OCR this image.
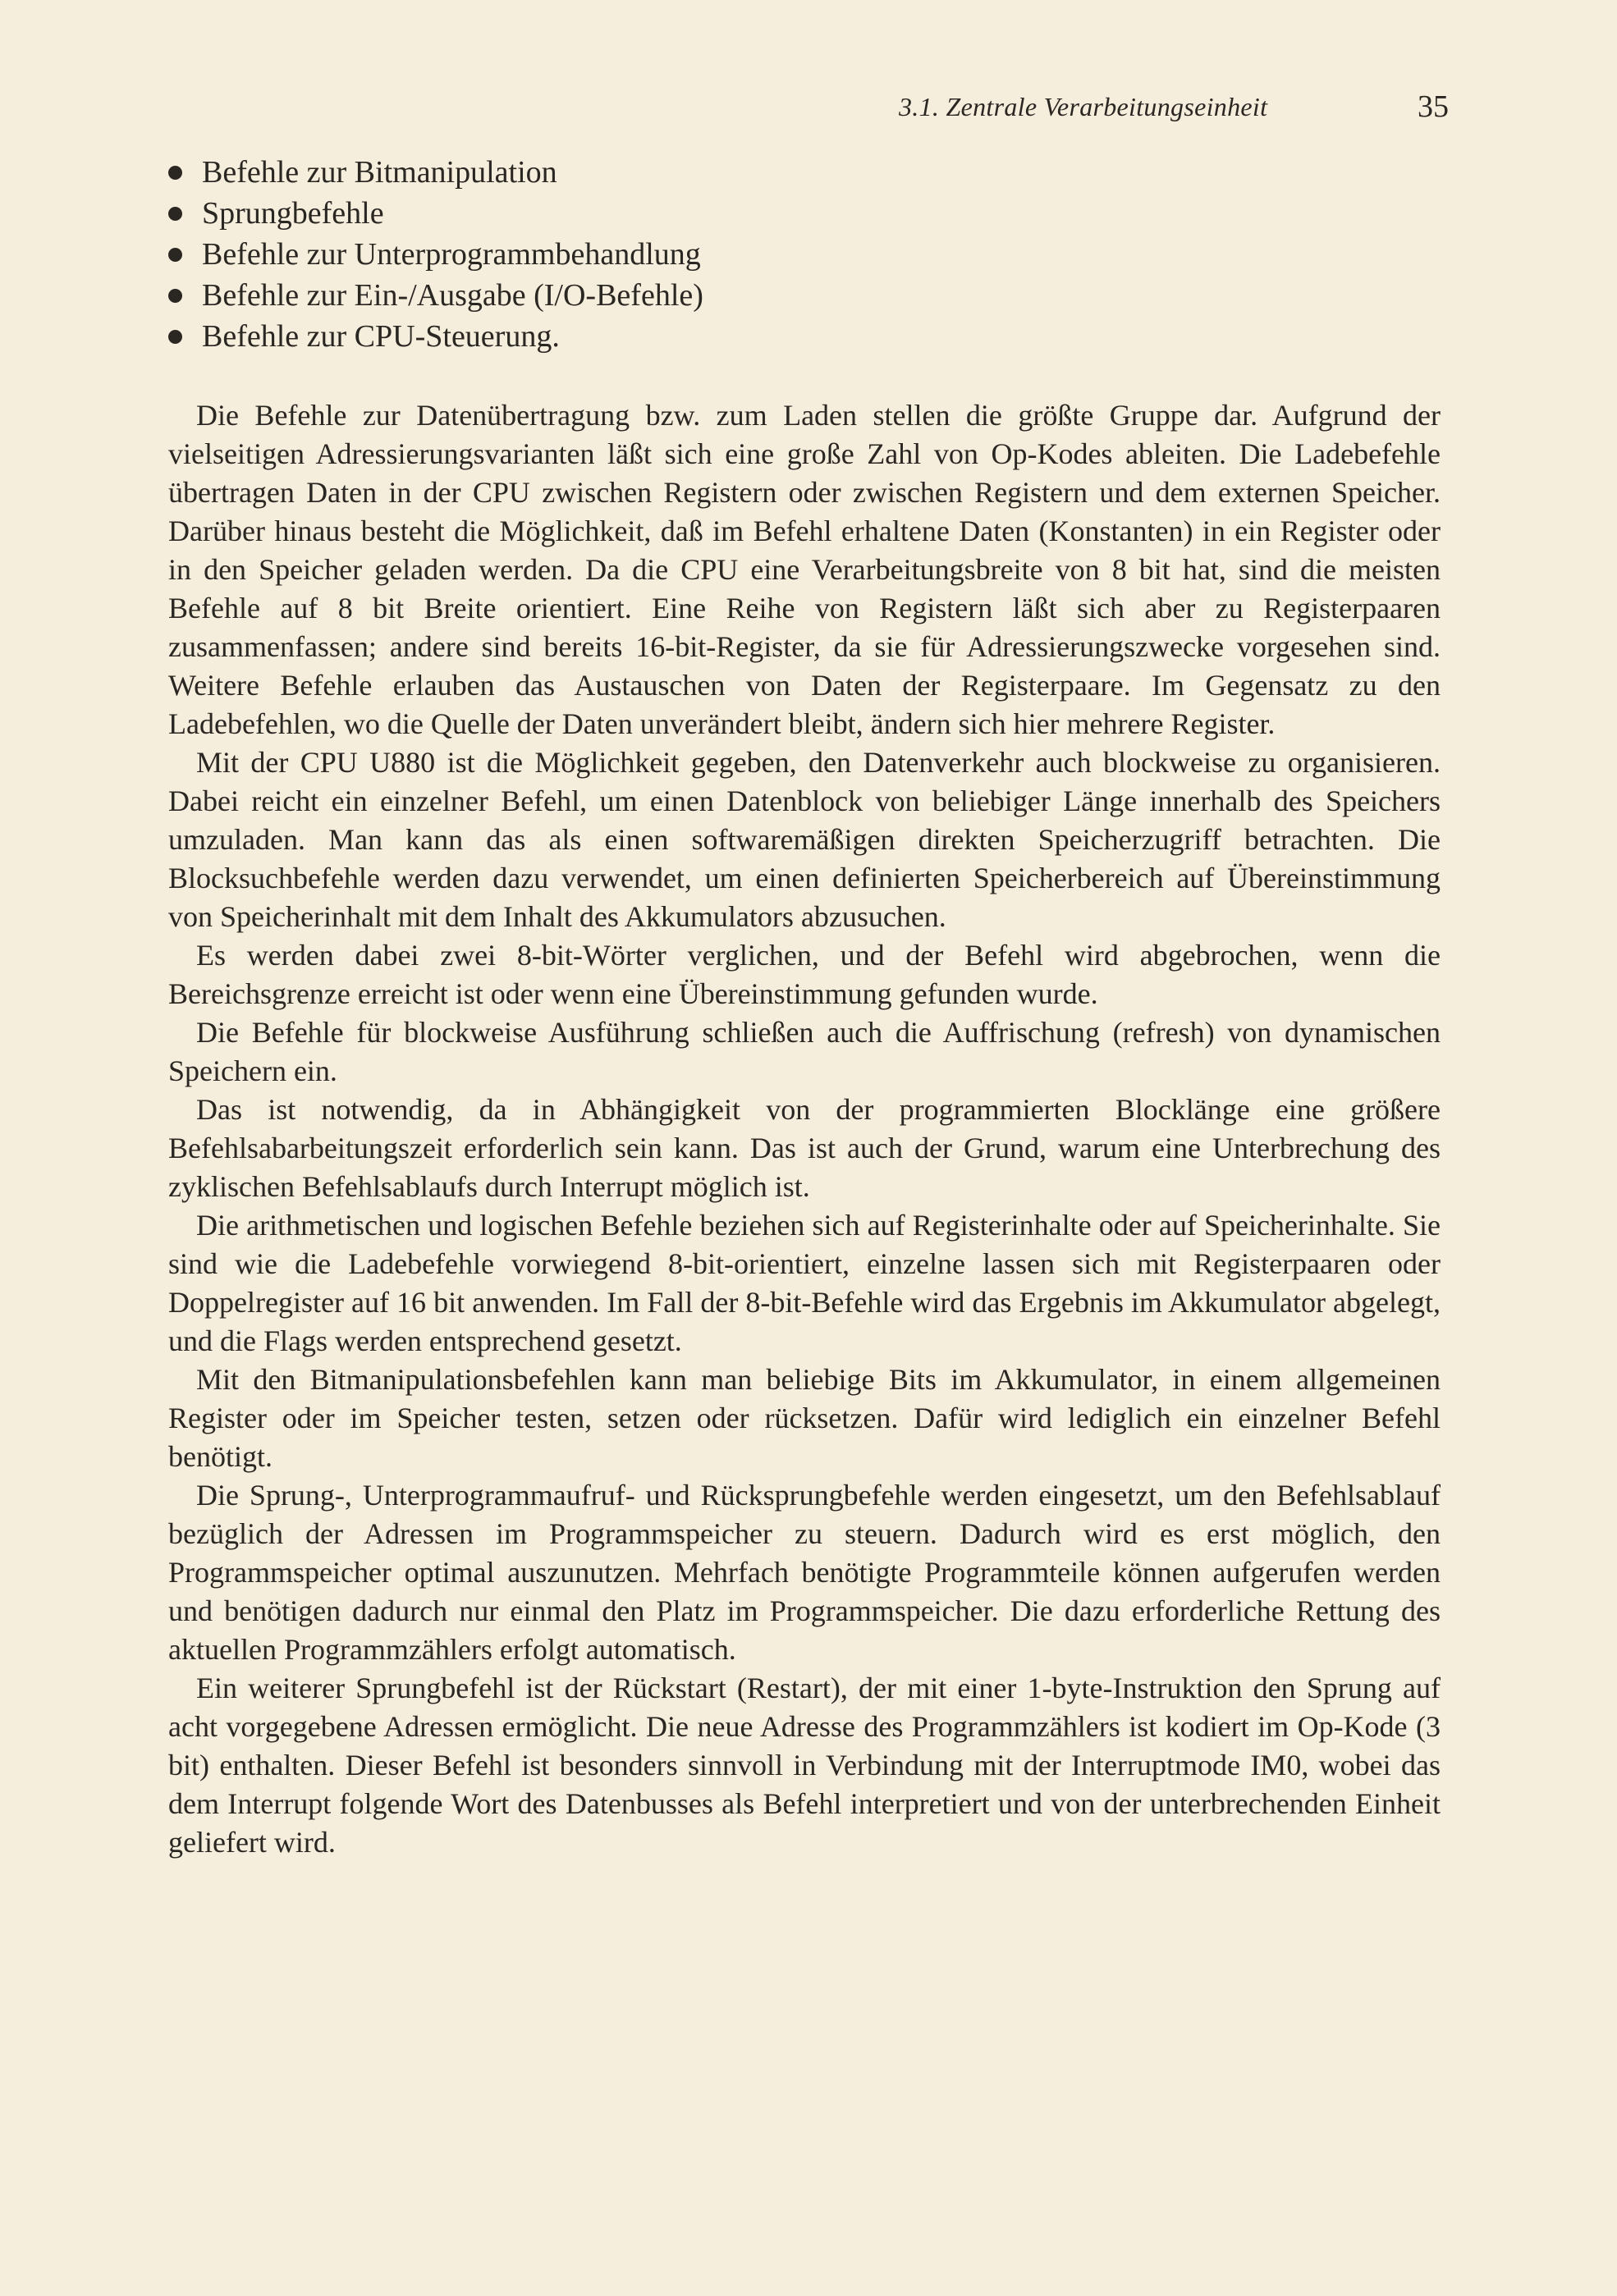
3.1. Zentrale Verarbeitungseinheit	35
Befehle zur Bitmanipulation
Sprungbefehle
Befehle zur Unterprogrammbehandlung
Befehle zur Ein-/Ausgabe (I/O-Befehle)
Befehle zur CPU-Steuerung.

Die Befehle zur Datenübertragung bzw. zum Laden stellen die größte Gruppe dar. Aufgrund der vielseitigen Adressierungsvarianten läßt sich eine große Zahl von Op-Kodes ableiten. Die Ladebefehle übertragen Daten in der CPU zwischen Registern oder zwischen Registern und dem externen Speicher. Darüber hinaus besteht die Möglichkeit, daß im Befehl erhaltene Daten (Konstanten) in ein Register oder in den Speicher geladen werden. Da die CPU eine Verarbeitungsbreite von 8 bit hat, sind die meisten Befehle auf 8 bit Breite orientiert. Eine Reihe von Registern läßt sich aber zu Registerpaaren zusammenfassen; andere sind bereits 16-bit-Register, da sie für Adressierungszwecke vorgesehen sind. Weitere Befehle erlauben das Austauschen von Daten der Registerpaare. Im Gegensatz zu den Ladebefehlen, wo die Quelle der Daten unverändert bleibt, ändern sich hier mehrere Register.

Mit der CPU U880 ist die Möglichkeit gegeben, den Datenverkehr auch blockweise zu organisieren. Dabei reicht ein einzelner Befehl, um einen Datenblock von beliebiger Länge innerhalb des Speichers umzuladen. Man kann das als einen softwaremäßigen direkten Speicherzugriff betrachten. Die Blocksuchbefehle werden dazu verwendet, um einen definierten Speicherbereich auf Übereinstimmung von Speicherinhalt mit dem Inhalt des Akkumulators abzusuchen.

Es werden dabei zwei 8-bit-Wörter verglichen, und der Befehl wird abgebrochen, wenn die Bereichsgrenze erreicht ist oder wenn eine Übereinstimmung gefunden wurde.

Die Befehle für blockweise Ausführung schließen auch die Auffrischung (refresh) von dynamischen Speichern ein.

Das ist notwendig, da in Abhängigkeit von der programmierten Blocklänge eine größere Befehlsabarbeitungszeit erforderlich sein kann. Das ist auch der Grund, warum eine Unterbrechung des zyklischen Befehlsablaufs durch Interrupt möglich ist.

Die arithmetischen und logischen Befehle beziehen sich auf Registerinhalte oder auf Speicherinhalte. Sie sind wie die Ladebefehle vorwiegend 8-bit-orientiert, einzelne lassen sich mit Registerpaaren oder Doppelregister auf 16 bit anwenden. Im Fall der 8-bit-Befehle wird das Ergebnis im Akkumulator abgelegt, und die Flags werden entsprechend gesetzt.

Mit den Bitmanipulationsbefehlen kann man beliebige Bits im Akkumulator, in einem allgemeinen Register oder im Speicher testen, setzen oder rücksetzen. Dafür wird lediglich ein einzelner Befehl benötigt.

Die Sprung-, Unterprogrammaufruf- und Rücksprungbefehle werden eingesetzt, um den Befehlsablauf bezüglich der Adressen im Programmspeicher zu steuern. Dadurch wird es erst möglich, den Programmspeicher optimal auszunutzen. Mehrfach benötigte Programmteile können aufgerufen werden und benötigen dadurch nur einmal den Platz im Programmspeicher. Die dazu erforderliche Rettung des aktuellen Programmzählers erfolgt automatisch.

Ein weiterer Sprungbefehl ist der Rückstart (Restart), der mit einer 1-byte-Instruktion den Sprung auf acht vorgegebene Adressen ermöglicht. Die neue Adresse des Programmzählers ist kodiert im Op-Kode (3 bit) enthalten. Dieser Befehl ist besonders sinnvoll in Verbindung mit der Interruptmode IM0, wobei das dem Interrupt folgende Wort des Datenbusses als Befehl interpretiert und von der unterbrechenden Einheit geliefert wird.
